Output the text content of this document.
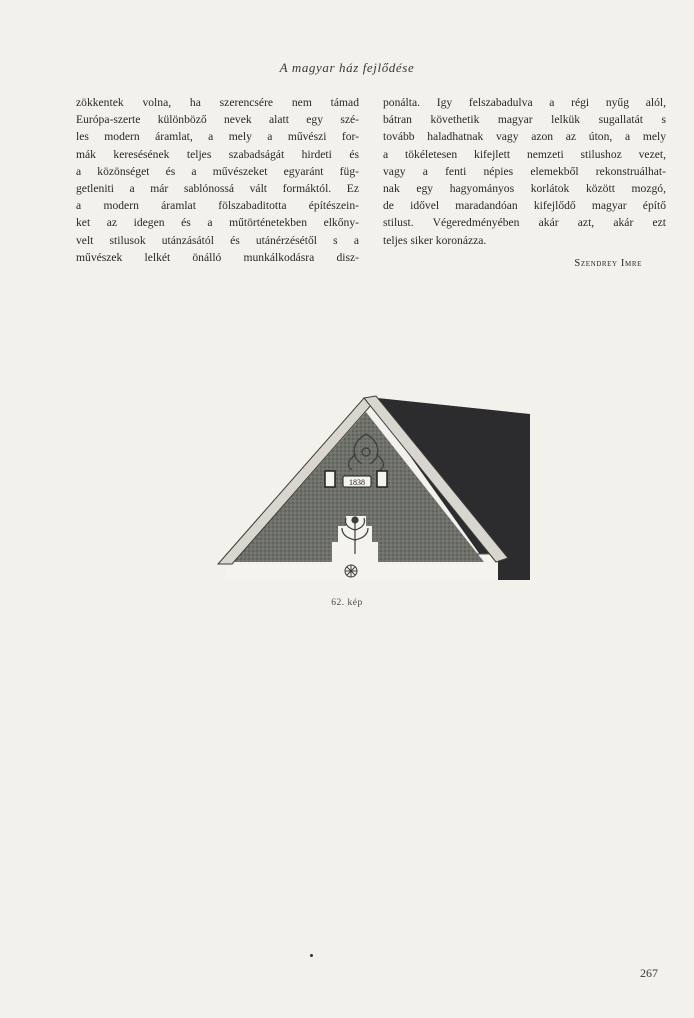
A magyar ház fejlődése
zökkentek volna, ha szerencsére nem támad
Európa-szerte különböző nevek alatt egy szé-
les modern áramlat, a mely a művészi for-
mák keresésének teljes szabadságát hirdeti és
a közönséget és a művészeket egyaránt füg-
getleniti a már sablónossá vált formáktól. Ez
a modern áramlat fölszabaditotta építészein-
ket az idegen és a műtörténetekben elkőny-
velt stilusok utánzásától és utánérzésétől s a
művészek lelkét önálló munkálkodásra disz-
ponálta. Igy felszabadulva a régi nyűg alól,
bátran követhetik magyar lelkük sugallatát s
tovább haladhatnak vagy azon az úton, a mely
a tökéletesen kifejlett nemzeti stilushoz vezet,
vagy a fenti népies elemekből rekonstruálhat-
nak egy hagyományos korlátok között mozgó,
de idővel maradandóan kifejlődő magyar építő
stilust. Végeredményében akár azt, akár ezt
teljes siker koronázza.
Szendrey Imre
1838
62. kép
267
